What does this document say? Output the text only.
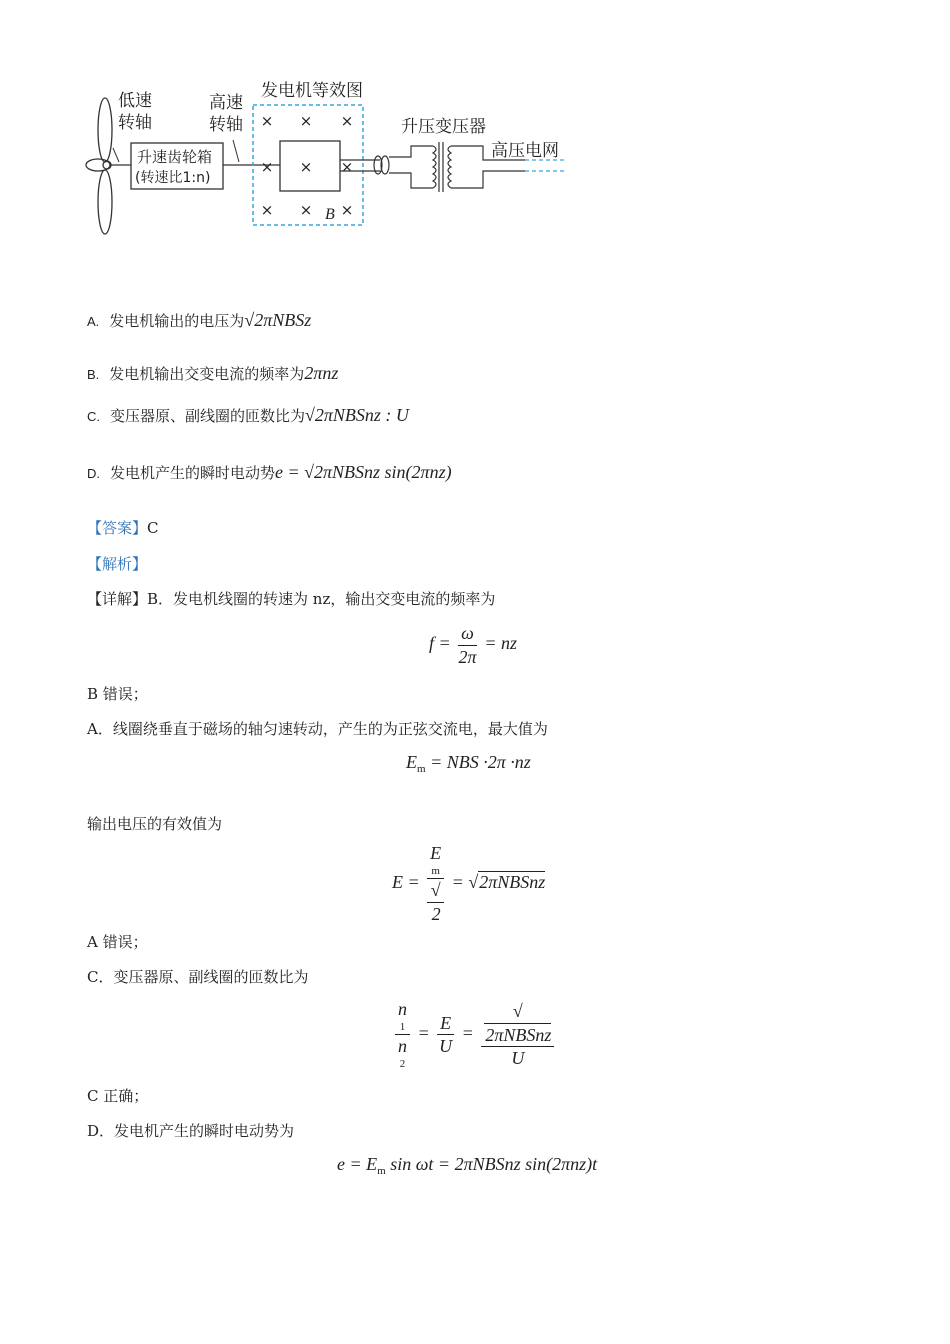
低速
转轴
升速齿轮箱
(转速比1:n)
高速
转轴
发电机等效图
× × ×
× × ×
× × ×
B
升压变压器
高压电网
A. 发电机输出的电压为√2πNBSz
B. 发电机输出交变电流的频率为2πnz
C. 变压器原、副线圈的匝数比为√2πNBSnz : U
D. 发电机产生的瞬时电动势e = √2πNBSnz sin(2πnz)
【答案】C
【解析】
【详解】B．发电机线圈的转速为 nz，输出交变电流的频率为
$f = \frac{\omega}{2\pi}$ = nz
B 错误；
A．线圈绕垂直于磁场的轴匀速转动，产生的为正弦交流电，最大值为
$E_m$ = NBS ·2π ·nz
输出电压的有效值为
E = E
m
√
2 = √2πNBSnz
A 错误；
C．变压器原、副线圈的匝数比为
n
1
n
$2 = \frac{E}{U}$ = √
2πNBSnz
U
C 正确；
D．发电机产生的瞬时电动势为
$e = E_m$ sin ωt = 2πNBSnz sin(2πnz)t
